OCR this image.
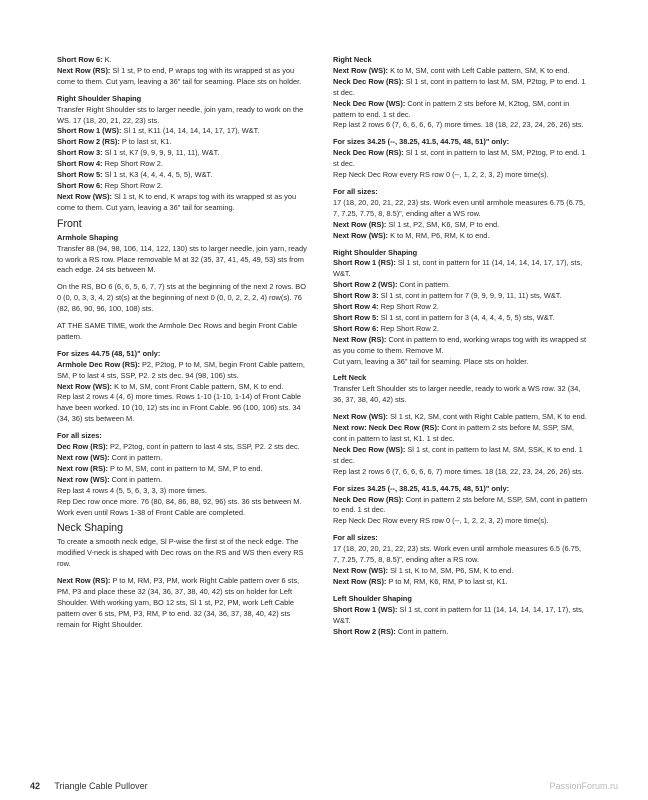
Short Row 6: K.
Next Row (RS): Sl 1 st, P to end, P wraps tog with its wrapped st as you come to them. Cut yarn, leaving a 36" tail for seaming. Place sts on holder.
Right Shoulder Shaping
Transfer Right Shoulder sts to larger needle, join yarn, ready to work on the WS. 17 (18, 20, 21, 22, 23) sts.
Short Row 1 (WS): Sl 1 st, K11 (14, 14, 14, 14, 17, 17), W&T.
Short Row 2 (RS): P to last st, K1.
Short Row 3: Sl 1 st, K7 (9, 9, 9, 9, 11, 11), W&T.
Short Row 4: Rep Short Row 2.
Short Row 5: Sl 1 st, K3 (4, 4, 4, 4, 5, 5), W&T.
Short Row 6: Rep Short Row 2.
Next Row (WS): Sl 1 st, K to end, K wraps tog with its wrapped st as you come to them. Cut yarn, leaving a 36" tail for seaming.
Front
Armhole Shaping
Transfer 88 (94, 98, 106, 114, 122, 130) sts to larger needle, join yarn, ready to work a RS row. Place removable M at 32 (35, 37, 41, 45, 49, 53) sts from each edge. 24 sts between M.
On the RS, BO 6 (6, 6, 5, 6, 7, 7) sts at the beginning of the next 2 rows. BO 0 (0, 0, 3, 3, 4, 2) st(s) at the beginning of next 0 (0, 0, 2, 2, 2, 4) row(s). 76 (82, 86, 90, 96, 100, 108) sts.
AT THE SAME TIME, work the Armhole Dec Rows and begin Front Cable pattern.
For sizes 44.75 (48, 51)" only:
Armhole Dec Row (RS): P2, P2tog, P to M, SM, begin Front Cable pattern, SM, P to last 4 sts, SSP, P2. 2 sts dec. 94 (98, 106) sts.
Next Row (WS): K to M, SM, cont Front Cable pattern, SM, K to end.
Rep last 2 rows 4 (4, 6) more times. Rows 1-10 (1-10, 1-14) of Front Cable have been worked. 10 (10, 12) sts inc in Front Cable. 96 (100, 106) sts. 34 (34, 36) sts between M.
For all sizes:
Dec Row (RS): P2, P2tog, cont in pattern to last 4 sts, SSP, P2. 2 sts dec.
Next row (WS): Cont in pattern.
Next row (RS): P to M, SM, cont in pattern to M, SM, P to end.
Next row (WS): Cont in pattern.
Rep last 4 rows 4 (5, 5, 6, 3, 3, 3) more times.
Rep Dec row once more. 76 (80, 84, 86, 88, 92, 96) sts. 36 sts between M.
Work even until Rows 1-38 of Front Cable are completed.
Neck Shaping
To create a smooth neck edge, Sl P-wise the first st of the neck edge. The modified V-neck is shaped with Dec rows on the RS and WS then every RS row.
Next Row (RS): P to M, RM, P3, PM, work Right Cable pattern over 6 sts, PM, P3 and place these 32 (34, 36, 37, 38, 40, 42) sts on holder for Left Shoulder. With working yarn, BO 12 sts, Sl 1 st, P2, PM, work Left Cable pattern over 6 sts, PM, P3, RM, P to end. 32 (34, 36, 37, 38, 40, 42) sts remain for Right Shoulder.
Right Neck
Next Row (WS): K to M, SM, cont with Left Cable pattern, SM, K to end.
Neck Dec Row (RS): Sl 1 st, cont in pattern to last M, SM, P2tog, P to end. 1 st dec.
Neck Dec Row (WS): Cont in pattern 2 sts before M, K2tog, SM, cont in pattern to end. 1 st dec.
Rep last 2 rows 6 (7, 6, 6, 6, 6, 7) more times. 18 (18, 22, 23, 24, 26, 26) sts.
For sizes 34.25 (--, 38.25, 41.5, 44.75, 48, 51)" only:
Neck Dec Row (RS): Sl 1 st, cont in pattern to last M, SM, P2tog, P to end. 1 st dec.
Rep Neck Dec Row every RS row 0 (--, 1, 2, 2, 3, 2) more time(s).
For all sizes:
17 (18, 20, 20, 21, 22, 23) sts. Work even until armhole measures 6.75 (6.75, 7, 7.25, 7.75, 8, 8.5)", ending after a WS row.
Next Row (RS): Sl 1 st, P2, SM, K6, SM, P to end.
Next Row (WS): K to M, RM, P6, RM, K to end.
Right Shoulder Shaping
Short Row 1 (RS): Sl 1 st, cont in pattern for 11 (14, 14, 14, 14, 17, 17), sts, W&T.
Short Row 2 (WS): Cont in pattern.
Short Row 3: Sl 1 st, cont in pattern for 7 (9, 9, 9, 9, 11, 11) sts, W&T.
Short Row 4: Rep Short Row 2.
Short Row 5: Sl 1 st, cont in pattern for 3 (4, 4, 4, 4, 5, 5) sts, W&T.
Short Row 6: Rep Short Row 2.
Next Row (RS): Cont in pattern to end, working wraps tog with its wrapped st as you come to them. Remove M.
Cut yarn, leaving a 36" tail for seaming. Place sts on holder.
Left Neck
Transfer Left Shoulder sts to larger needle, ready to work a WS row. 32 (34, 36, 37, 38, 40, 42) sts.
Next Row (WS): Sl 1 st, K2, SM, cont with Right Cable pattern, SM, K to end.
Next row: Neck Dec Row (RS): Cont in pattern 2 sts before M, SSP, SM, cont in pattern to last st, K1. 1 st dec.
Neck Dec Row (WS): Sl 1 st, cont in pattern to last M, SM, SSK, K to end. 1 st dec.
Rep last 2 rows 6 (7, 6, 6, 6, 6, 7) more times. 18 (18, 22, 23, 24, 26, 26) sts.
For sizes 34.25 (--, 38.25, 41.5, 44.75, 48, 51)" only:
Neck Dec Row (RS): Cont in pattern 2 sts before M, SSP, SM, cont in pattern to end. 1 st dec.
Rep Neck Dec Row every RS row 0 (--, 1, 2, 2, 3, 2) more time(s).
For all sizes:
17 (18, 20, 20, 21, 22, 23) sts. Work even until armhole measures 6.5 (6.75, 7, 7.25, 7.75, 8, 8.5)", ending after a RS row.
Next Row (WS): Sl 1 st, K to M, SM, P6, SM, K to end.
Next Row (RS): P to M, RM, K6, RM, P to last st, K1.
Left Shoulder Shaping
Short Row 1 (WS): Sl 1 st, cont in pattern for 11 (14, 14, 14, 14, 17, 17), sts, W&T.
Short Row 2 (RS): Cont in pattern.
42 Triangle Cable Pullover	PassionForum.ru
